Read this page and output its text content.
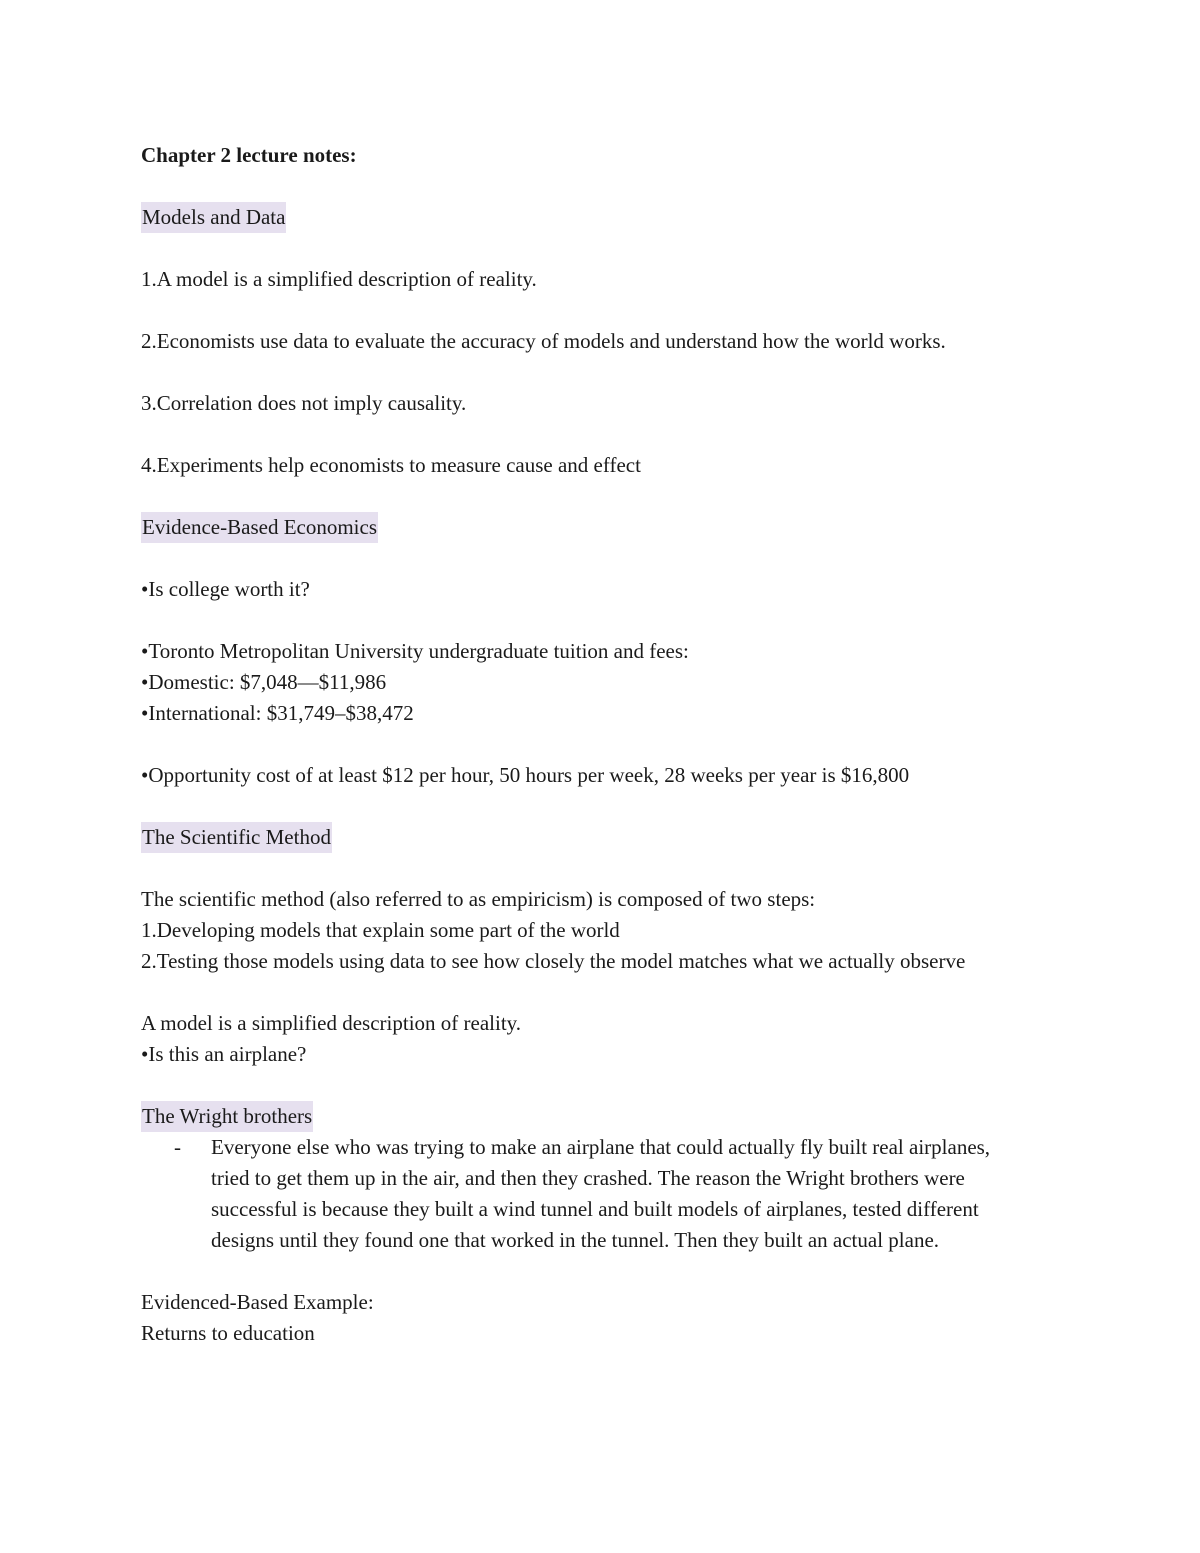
Chapter 2 lecture notes:

Models and Data

1.A model is a simplified description of reality.

2.Economists use data to evaluate the accuracy of models and understand how the world works.

3.Correlation does not imply causality.

4.Experiments help economists to measure cause and effect

Evidence-Based Economics

•Is college worth it?

•Toronto Metropolitan University undergraduate tuition and fees:

•Domestic: $7,048—$11,986

•International: $31,749–$38,472

•Opportunity cost of at least $12 per hour, 50 hours per week, 28 weeks per year is $16,800

The Scientific Method

The scientific method (also referred to as empiricism) is composed of two steps:

1.Developing models that explain some part of the world

2.Testing those models using data to see how closely the model matches what we actually observe

A model is a simplified description of reality.

•Is this an airplane?

The Wright brothers

- Everyone else who was trying to make an airplane that could actually fly built real airplanes, tried to get them up in the air, and then they crashed. The reason the Wright brothers were successful is because they built a wind tunnel and built models of airplanes, tested different designs until they found one that worked in the tunnel. Then they built an actual plane.

Evidenced-Based Example:

Returns to education
